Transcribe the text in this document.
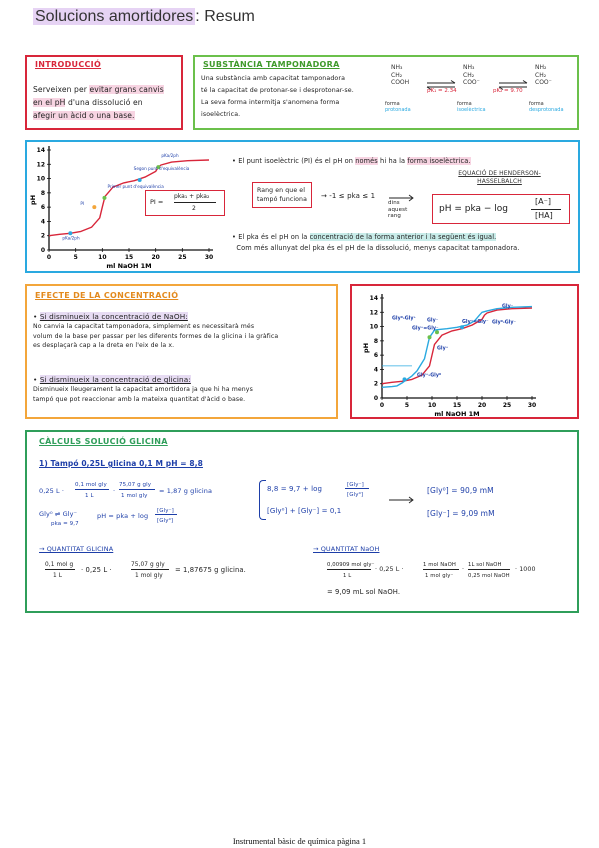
Solucions amortidores : Resum
INTRODUCCIÓ
Serveixen per evitar grans canvis
en el pH d'una dissolució en
afegir un àcid o una base.
SUBSTÀNCIA TAMPONADORA
Una substància amb capacitat tamponadora
té la capacitat de protonar-se i desprotonar-se.
La seva forma intermitja s'anomena forma
isoelèctrica.
NH₃
CH₂
COOH ⇌
pK₁ = 2.34
NH₃
CH₂
COO⁻	⇌
pK₂ = 9.70
NH₂
CH₂
COO⁻
forma
protonada
forma
isoelèctrica
forma
desprotonada
14
12
10
8
6
4
2
0
0	5	10	15	20	25	30
ml NaOH 1M
pH
pKa/2ph
PI
Primer punt d'equivalència
Segon punt d'equivalència
pKa/2ph
PI =
pka₁ + pka₂
2
• El punt isoelèctric (PI) és el pH on només hi ha la forma isoelèctrica.
Rang en que el
tampó funciona → ‑1 ≤ pka ≤ 1
dins aquest rang
EQUACIÓ DE HENDERSON-HASSELBALCH
pH = pka − log
[A⁻]
[HA]
• El pka és el pH on la concentració de la forma anterior i la següent és igual.
Com més allunyat del pka és el pH de la dissolució, menys capacitat tamponadora.
EFECTE DE LA CONCENTRACIÓ
• Si disminueix la concentració de NaOH:
No canvia la capacitat tamponadora, simplement es necessitarà més
volum de la base per passar per les diferents formes de la glicina i la gràfica
es desplaçarà cap a la dreta en l'eix de la x.
• Si disminueix la concentració de glicina:
Disminueix lleugerament la capacitat amortidora ja que hi ha menys
tampó que pot reaccionar amb la mateixa quantitat d'àcid o base.
14
12
10
8
6
4
2
0
0	5	10	15	20	25	30
ml NaOH 1M
pH
Gly⁻
Gly⁺=Gly⁻
Gly⁺
Gly⁺=Gly⁻
Gly⁻	Gly⁰-Gly⁻
Gly⁰-Gly⁺
Gly⁺-Gly⁰
CÀLCULS SOLUCIÓ GLICINA
1) Tampó 0,25L glicina 0,1 M pH = 8,8
0,25 L ·
0,1 mol gly
1 L
·
75,07 g gly
1 mol gly
= 1,87 g glicina
Gly⁰ ⇌ Gly⁻
pka = 9,7
pH = pka + log
[Gly⁻]
[Gly⁰]
8,8 = 9,7 + log	[Gly⁻]
[Gly⁰]
[Gly⁰] + [Gly⁻] = 0,1
[Gly⁰] = 90,9 mM
[Gly⁻] = 9,09 mM
→ QUANTITAT GLICINA
0,1 mol g
1 L
· 0,25 L ·
75,07 g gly
1 mol gly
= 1,87675 g glicina.
→ QUANTITAT NaOH
0,00909 mol gly⁻
1 L
· 0,25 L ·
1 mol NaOH
1 mol gly⁻
·
1L sol NaOH
0,25 mol NaOH
· 1000
= 9,09 mL sol NaOH.
Instrumental bàsic de química pàgina 1
